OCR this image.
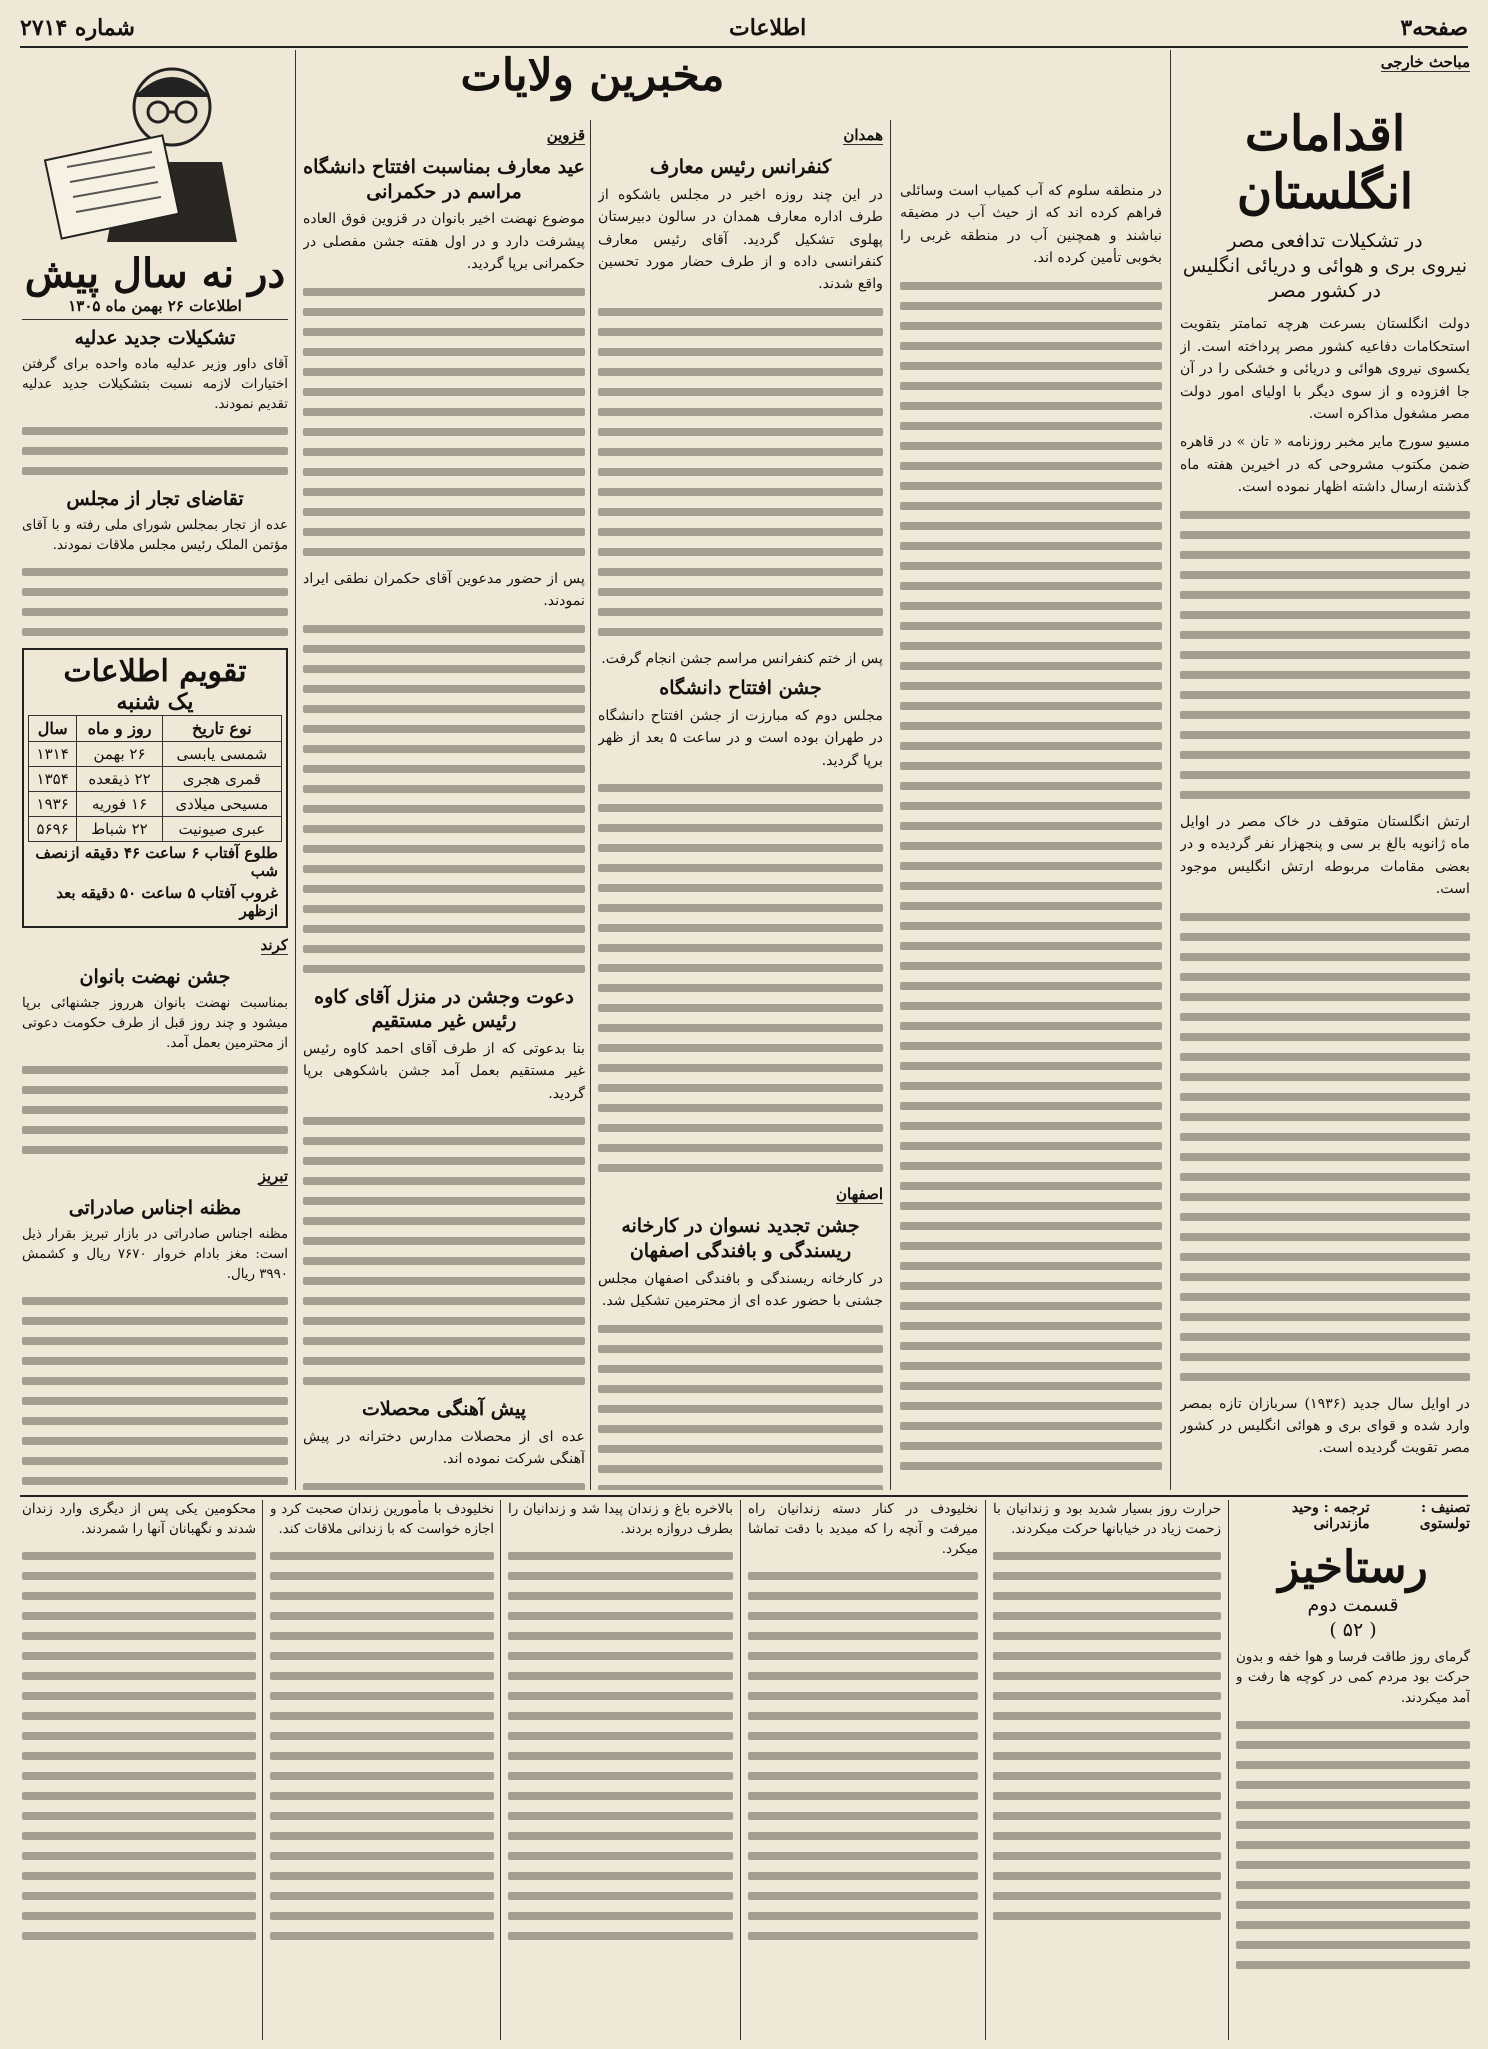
صفحه۳
اطلاعات
شماره ۲۷۱۴
مباحث خارجی
اقدامات انگلستان
در تشکیلات تدافعی مصر
نیروی بری و هوائی و دریائی انگلیس در کشور مصر

دولت انگلستان بسرعت هرچه تمامتر بتقویت استحکامات دفاعیه کشور مصر پرداخته است. از یکسوی نیروی هوائی و دریائی و خشکی را در آن جا افزوده و از سوی دیگر با اولیای امور دولت مصر مشغول مذاکره است.

مسیو سورج مایر مخبر روزنامه « تان » در قاهره ضمن مکتوب مشروحی که در اخیرین هفته ماه گذشته ارسال داشته اظهار نموده است.

ارتش انگلستان متوقف در خاک مصر در اوایل ماه ژانویه بالغ بر سی و پنجهزار نفر گردیده و در بعضی مقامات مربوطه ارتش انگلیس موجود است.

در اوایل سال جدید (۱۹۳۶) سربازان تازه بمصر وارد شده و قوای بری و هوائی انگلیس در کشور مصر تقویت گردیده است.

در منطقه سلوم که آب کمیاب است وسائلی فراهم کرده اند که از حیث آب در مضیقه نباشند و همچنین آب در منطقه غربی را بخوبی تأمین کرده اند.

مخبرین ولایات
همدان
کنفرانس رئیس معارف

در این چند روزه اخیر در مجلس باشکوه از طرف اداره معارف همدان در سالون دبیرستان پهلوی تشکیل گردید. آقای رئیس معارف کنفرانسی داده و از طرف حضار مورد تحسین واقع شدند.

پس از ختم کنفرانس مراسم جشن انجام گرفت.

جشن افتتاح دانشگاه

مجلس دوم که مبارزت از جشن افتتاح دانشگاه در طهران بوده است و در ساعت ۵ بعد از ظهر برپا گردید.

اصفهان
جشن تجدید نسوان در کارخانه ریسندگی و بافندگی اصفهان

در کارخانه ریسندگی و بافندگی اصفهان مجلس جشنی با حضور عده ای از محترمین تشکیل شد.

قزوین
عید معارف بمناسبت افتتاح دانشگاه مراسم در حکمرانی

موضوع نهضت اخیر بانوان در قزوین فوق العاده پیشرفت دارد و در اول هفته جشن مفصلی در حکمرانی برپا گردید.

پس از حضور مدعوین آقای حکمران نطقی ایراد نمودند.

دعوت وجشن در منزل آقای کاوه رئیس غیر مستقیم

بنا بدعوتی که از طرف آقای احمد کاوه رئیس غیر مستقیم بعمل آمد جشن باشکوهی برپا گردید.

پیش آهنگی محصلات

عده ای از محصلات مدارس دخترانه در پیش آهنگی شرکت نموده اند.

در نه سال پیش
اطلاعات ۲۶ بهمن ماه ۱۳۰۵
تشکیلات جدید عدلیه

آقای داور وزیر عدلیه ماده واحده برای گرفتن اختیارات لازمه نسبت بتشکیلات جدید عدلیه تقدیم نمودند.

تقاضای تجار از مجلس

عده از تجار بمجلس شورای ملی رفته و با آقای مؤتمن الملک رئیس مجلس ملاقات نمودند.

تقویم اطلاعات
یک شنبه
نوع تاریخ	روز و ماه	سال
شمسی یابسی	۲۶ بهمن	۱۳۱۴
قمری هجری	۲۲ ذیقعده	۱۳۵۴
مسیحی میلادی	۱۶ فوریه	۱۹۳۶
عبری صیونیت	۲۲ شباط	۵۶۹۶
طلوع آفتاب ۶ ساعت ۴۶ دقیقه ازنصف شب
غروب آفتاب ۵ ساعت ۵۰ دقیقه بعد ازظهر
کرند
جشن نهضت بانوان

بمناسبت نهضت بانوان هرروز جشنهائی برپا میشود و چند روز قبل از طرف حکومت دعوتی از محترمین بعمل آمد.

تبریز
مظنه اجناس صادراتی

مظنه اجناس صادراتی در بازار تبریز بقرار ذیل است: مغز بادام خروار ۷۶۷۰ ریال و کشمش ۳۹۹۰ ریال.

تصنیف : تولستوی
ترجمه : وحید مازندرانی
رستاخیز
قسمت دوم
( ۵۲ )

گرمای روز طاقت فرسا و هوا خفه و بدون حرکت بود مردم کمی در کوچه ها رفت و آمد میکردند.

حرارت روز بسیار شدید بود و زندانیان با زحمت زیاد در خیابانها حرکت میکردند.

نخلیودف در کنار دسته زندانیان راه میرفت و آنچه را که میدید با دقت تماشا میکرد.

بالاخره باغ و زندان پیدا شد و زندانیان را بطرف دروازه بردند.

نخلیودف با مأمورین زندان صحبت کرد و اجازه خواست که با زندانی ملاقات کند.

محکومین یکی پس از دیگری وارد زندان شدند و نگهبانان آنها را شمردند.
